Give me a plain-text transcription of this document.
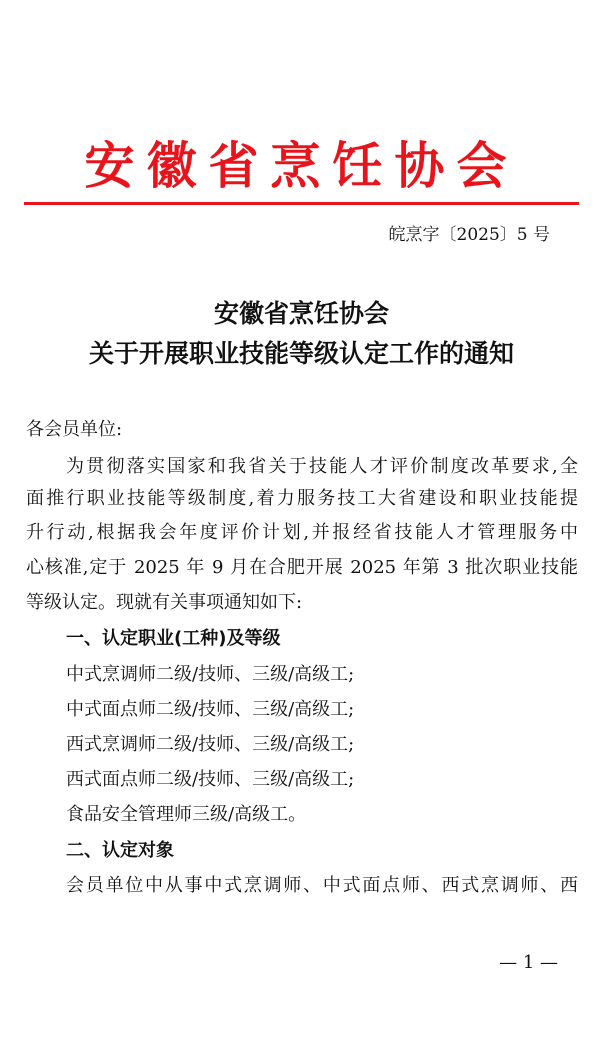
安徽省烹饪协会
皖烹字〔2025〕5 号
安徽省烹饪协会
关于开展职业技能等级认定工作的通知
各会员单位:
为贯彻落实国家和我省关于技能人才评价制度改革要求,全
面推行职业技能等级制度,着力服务技工大省建设和职业技能提
升行动,根据我会年度评价计划,并报经省技能人才管理服务中
心核准,定于 2025 年 9 月在合肥开展 2025 年第 3 批次职业技能
等级认定。现就有关事项通知如下:
一、认定职业(工种)及等级
中式烹调师二级/技师、三级/高级工;
中式面点师二级/技师、三级/高级工;
西式烹调师二级/技师、三级/高级工;
西式面点师二级/技师、三级/高级工;
食品安全管理师三级/高级工。
二、认定对象
会员单位中从事中式烹调师、中式面点师、西式烹调师、西
— 1 —
